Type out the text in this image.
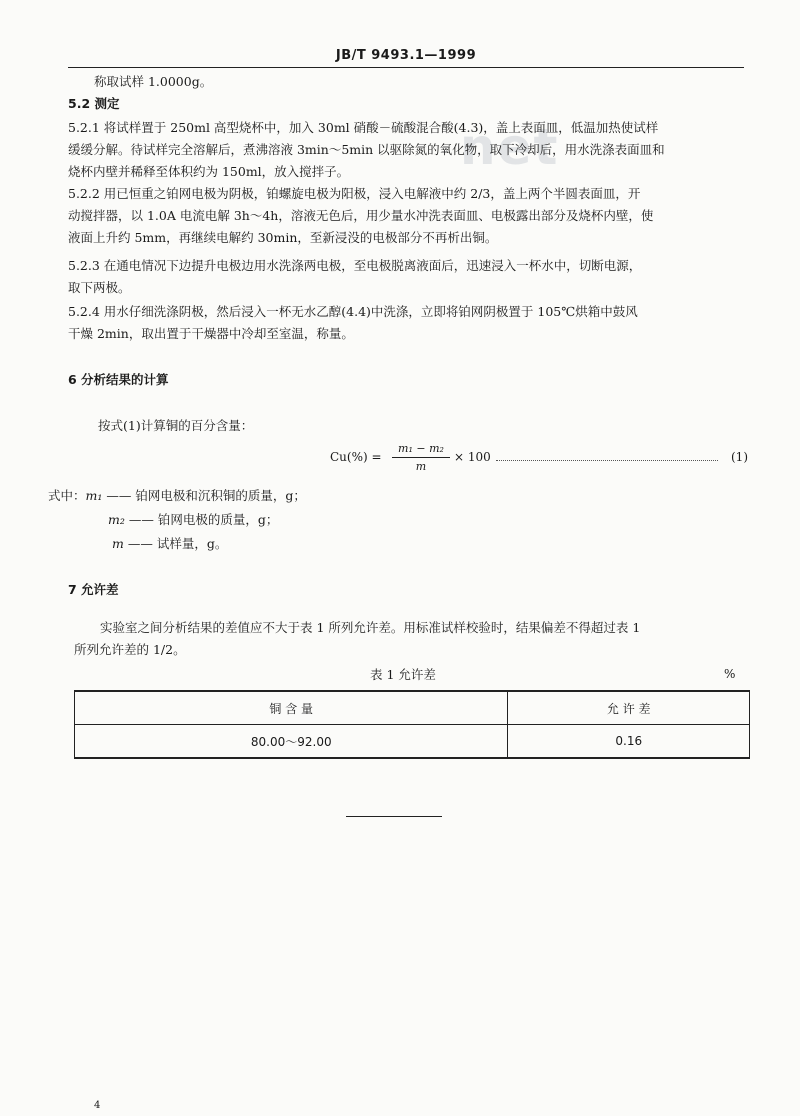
net
JB/T 9493.1—1999
称取试样 1.0000g。
5.2 测定
5.2.1 将试样置于 250ml 高型烧杯中，加入 30ml 硝酸－硫酸混合酸(4.3)，盖上表面皿，低温加热使试样
缓缓分解。待试样完全溶解后，煮沸溶液 3min～5min 以驱除氮的氧化物，取下冷却后，用水洗涤表面皿和
烧杯内壁并稀释至体积约为 150ml，放入搅拌子。
5.2.2 用已恒重之铂网电极为阴极，铂螺旋电极为阳极，浸入电解液中约 2/3，盖上两个半圆表面皿，开
动搅拌器，以 1.0A 电流电解 3h～4h，溶液无色后，用少量水冲洗表面皿、电极露出部分及烧杯内壁，使
液面上升约 5mm，再继续电解约 30min，至新浸没的电极部分不再析出铜。
5.2.3 在通电情况下边提升电极边用水洗涤两电极，至电极脱离液面后，迅速浸入一杯水中，切断电源，
取下两极。
5.2.4 用水仔细洗涤阴极，然后浸入一杯无水乙醇(4.4)中洗涤，立即将铂网阴极置于 105℃烘箱中鼓风
干燥 2min，取出置于干燥器中冷却至室温，称量。
6 分析结果的计算
按式(1)计算铜的百分含量：
Cu(%) =
m₁ − m₂
m
× 100	(1)
式中：m₁ —— 铂网电极和沉积铜的质量，g；
m₂ —— 铂网电极的质量，g；
m —— 试样量，g。
7 允许差
实验室之间分析结果的差值应不大于表 1 所列允许差。用标准试样校验时，结果偏差不得超过表 1
所列允许差的 1/2。
表 1 允许差	%
铜 含 量	允 许 差
80.00～92.00	0.16
4
